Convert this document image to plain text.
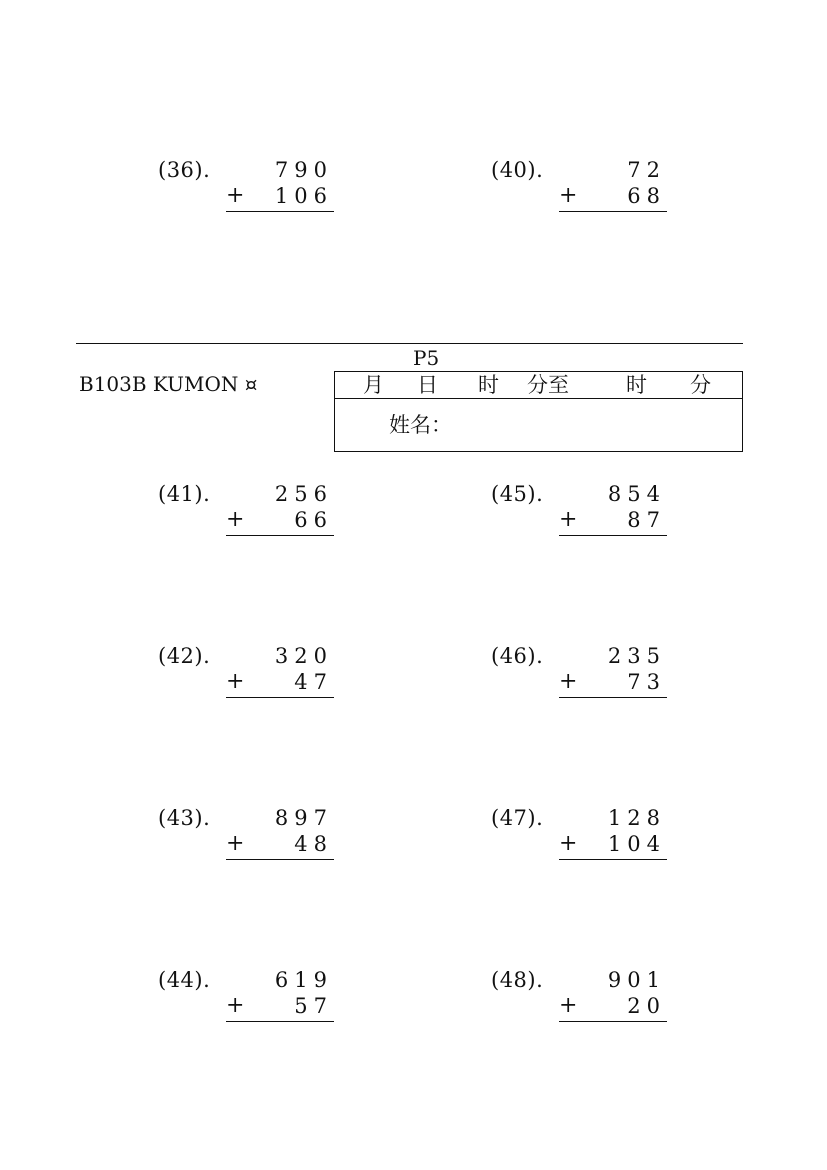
(36).	790
+	106
(40).	72
+	68
P5
B103B KUMON ¤	月 日 时 分至	时 分
姓名：
(41).	256
+	66
(45).	854
+	87
(42).	320
+	47
(46).	235
+	73
(43).	897
+	48
(47).	128
+	104
(44).	619
+	57
(48).	901
+	20
